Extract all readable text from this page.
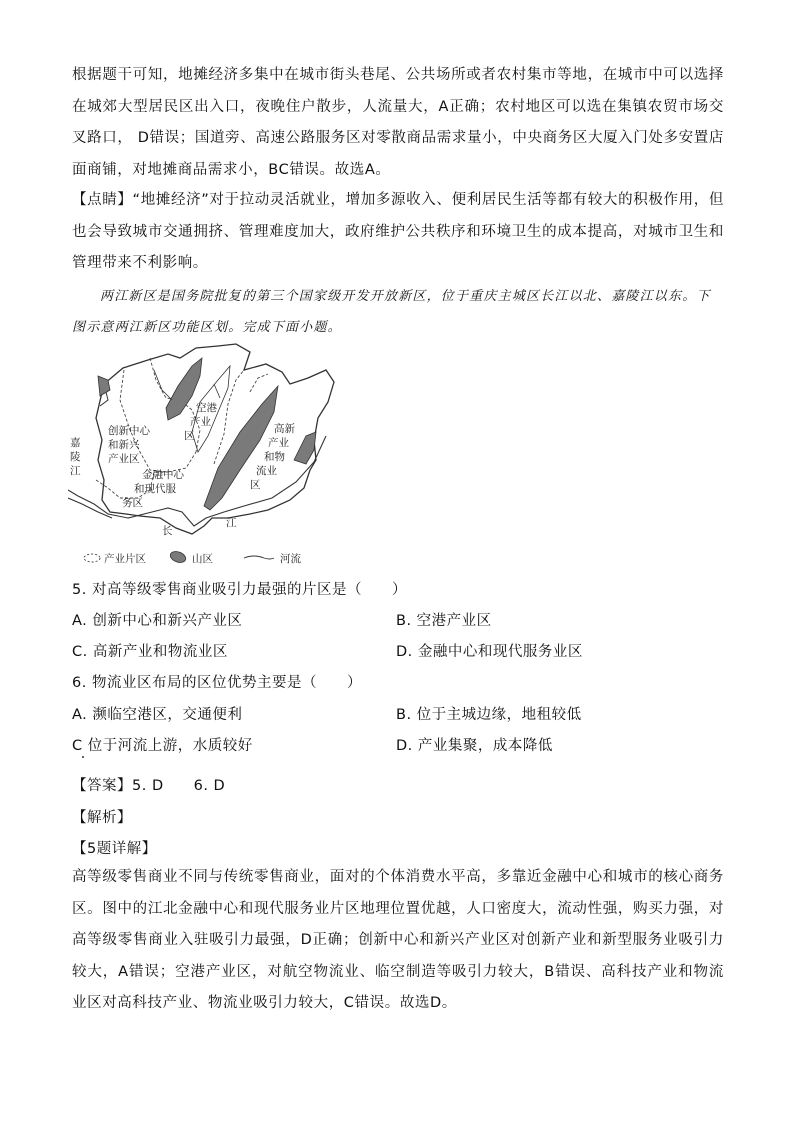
根据题干可知，地摊经济多集中在城市街头巷尾、公共场所或者农村集市等地，在城市中可以选择在城郊大型居民区出入口，夜晚住户散步，人流量大，A正确；农村地区可以选在集镇农贸市场交叉路口， D错误；国道旁、高速公路服务区对零散商品需求量小，中央商务区大厦入门处多安置店面商铺，对地摊商品需求小，BC错误。故选A。
【点睛】“地摊经济”对于拉动灵活就业，增加多源收入、便利居民生活等都有较大的积极作用，但也会导致城市交通拥挤、管理难度加大，政府维护公共秩序和环境卫生的成本提高，对城市卫生和管理带来不利影响。
两江新区是国务院批复的第三个国家级开发开放新区，位于重庆主城区长江以北、嘉陵江以东。下图示意两江新区功能区划。完成下面小题。
空港
产业
区
创新中心
和新兴
产业区
金融中心
和现代服
务区
高新
产业
和物
流业
区
嘉
陵
江
长
江
产业片区	山区	河流
5. 对高等级零售商业吸引力最强的片区是（　　）
A. 创新中心和新兴产业区	B. 空港产业区
C. 高新产业和物流业区	D. 金融中心和现代服务业区
6. 物流业区布局的区位优势主要是（　　）
A. 濒临空港区，交通便利	B. 位于主城边缘，地租较低
C 位于河流上游，水质较好	D. 产业集聚，成本降低
【答案】5. D　　6. D
【解析】
【5题详解】
高等级零售商业不同与传统零售商业，面对的个体消费水平高，多靠近金融中心和城市的核心商务区。图中的江北金融中心和现代服务业片区地理位置优越，人口密度大，流动性强，购买力强，对高等级零售商业入驻吸引力最强，D正确；创新中心和新兴产业区对创新产业和新型服务业吸引力较大，A错误；空港产业区，对航空物流业、临空制造等吸引力较大，B错误、高科技产业和物流业区对高科技产业、物流业吸引力较大，C错误。故选D。
